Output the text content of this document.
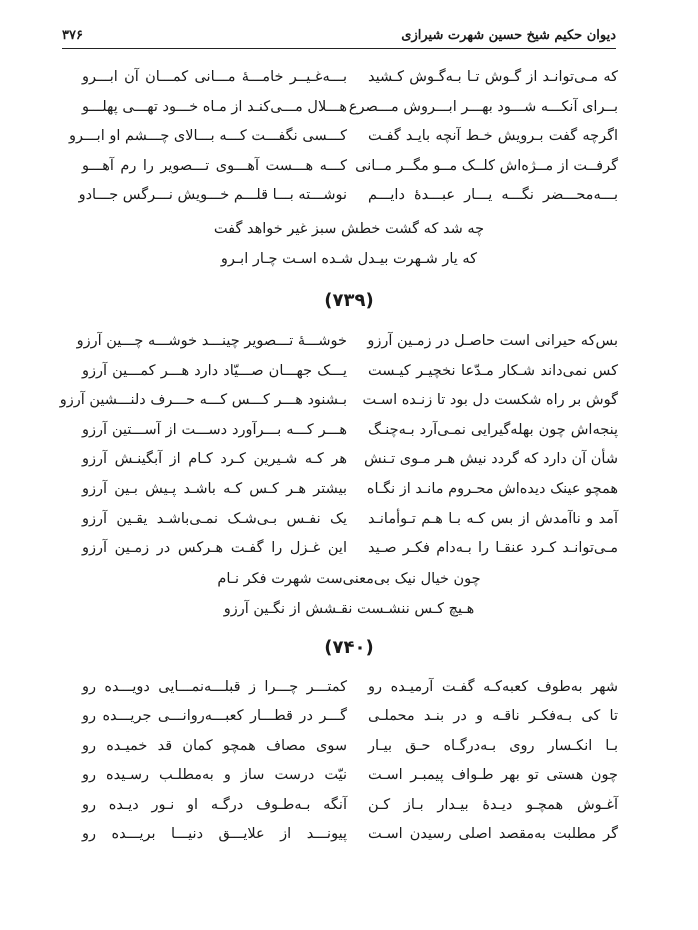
دیوان حکیم شیخ حسین شهرت شیرازی
۳۷۶
که مـی‌توانـد از گـوش تـا بـه‌گـوش کـشید
بـــه‌غـیــر خامـــهٔ مـــانی کمـــان آن ابـــرو
بــرای آنکـــه شـــود بهـــر ابـــروش مـــصرع
هـــلال مـــی‌کنـد از مـاه خـــود تهـــی پهلـــو
اگرچه گفت بـرویش خـط آنچه بایـد گفـت
کـــسی نگفـــت کـــه بـــالای چـــشم او ابـــرو
گرفــت از مــژه‌اش کلــک مــو مگــر مــانی
کـــه هـــست آهـــوی تـــصویر را رم آهـــو
بـــه‌محـــضر نگـــه یـــار عبـــدهٔ دایـــم
نوشـــته بـــا قلـــم خـــویش نـــرگس جـــادو
چه شد که گشت خطش سبز غیر خواهد گفت
که یار شـهرت بیـدل شـده اسـت چـار ابـرو
(۷۳۹)
بس‌که حیرانی است حاصـل در زمـین آرزو
خوشـــهٔ تـــصویر چینـــد خوشـــه چـــین آرزو
کس نمی‌داند شـکار مـدّعا نخچیـر کیـست
یـــک جهـــان صـــیّاد دارد هـــر کمـــین آرزو
گوش بر راه شکست دل بود تا زنـده اسـت
بـشنود هـــر کـــس کـــه حـــرف دلنـــشین آرزو
پنجه‌اش چون بهله‌گیرایی نمـی‌آرد بـه‌چنـگ
هـــر کـــه بـــرآورد دســـت از آســـتین آرزو
شأن آن دارد که گردد نیش هـر مـوی تـنش
هر کـه شـیرین کـرد کـام از آبگینـش آرزو
همچو عینک دیده‌اش محـروم مانـد از نگـاه
بیشتر هـر کـس کـه باشـد پـیش بـین آرزو
آمد و ناآمدش از بس کـه بـا هـم تـوأمانـد
یک نفـس بـی‌شـک نمـی‌باشـد یقـین آرزو
مـی‌توانـد کـرد عنقـا را بـه‌دام فکـر صـید
این غـزل را گفـت هـرکس در زمـین آرزو
چون خیال نیک بی‌معنی‌ست شهرت فکر نـام
هـیچ کـس ننشـست نقـشش از نگـین آرزو
(۷۴۰)
شهر به‌طوف کعبه‌کـه گفـت آرمیـده رو
کمتـــر چـــرا ز قبلـــه‌نمـــایی دویـــده رو
تا کی بـه‌فکـر ناقـه و در بنـد محملـی
گـــر در قطـــار کعبـــه‌روانـــی جریـــده رو
بـا انکـسار روی بـه‌درگـاه حـق بیـار
سوی مصاف همچو کمان قد خمیـده رو
چون هستی تو بهر طـواف پیمبـر اسـت
نیّت درست ساز و به‌مطلـب رسـیده رو
آغـوش همچـو دیـدهٔ بیـدار بـاز کـن
آنگه بـه‌طـوف درگـه او نـور دیـده رو
گر مطلبت به‌مقصد اصلی رسیدن اسـت
پیونـــد از علایـــق دنیـــا بریـــده رو
